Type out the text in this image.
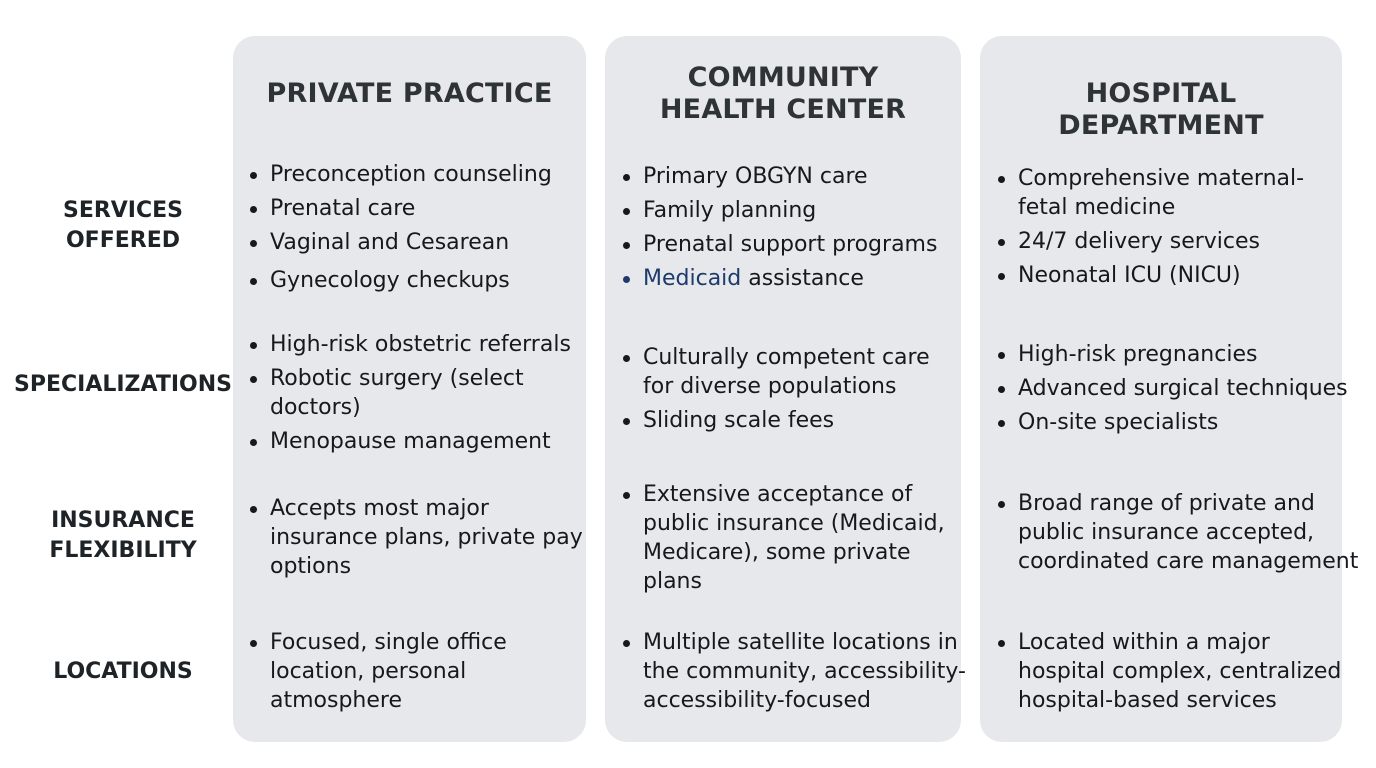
PRIVATE PRACTICE
COMMUNITY
HEALTH CENTER
HOSPITAL DEPARTMENT
SERVICES
OFFERED
SPECIALIZATIONS
INSURANCE
FLEXIBILITY
LOCATIONS
Preconception counseling
Prenatal care
Vaginal and Cesarean
Gynecology checkups
Primary OBGYN care
Family planning
Prenatal support programs
Medicaid assistance
Comprehensive maternal-
fetal medicine
24/7 delivery services
Neonatal ICU (NICU)
High-risk obstetric referrals
Robotic surgery (select
doctors)
Menopause management
Culturally competent care
for diverse populations
Sliding scale fees
High-risk pregnancies
Advanced surgical techniques
On-site specialists
Accepts most major
insurance plans, private pay
options
Extensive acceptance of
public insurance (Medicaid,
Medicare), some private
plans
Broad range of private and
public insurance accepted,
coordinated care management
Focused, single office
location, personal
atmosphere
Multiple satellite locations in
the community, accessibility-
accessibility-focused
Located within a major
hospital complex, centralized
hospital-based services
